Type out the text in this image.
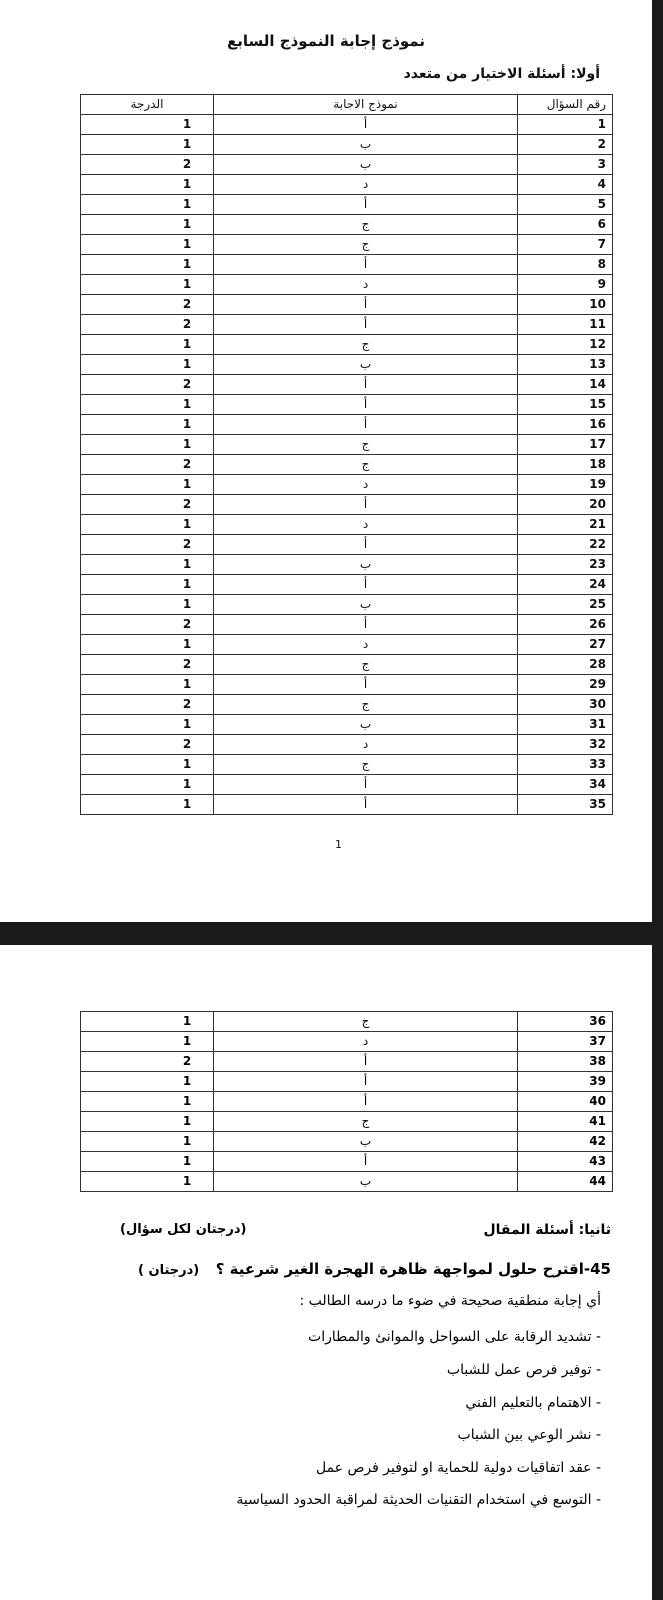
نموذج إجابة النموذج السابع
أولا: أسئلة الاختيار من متعدد
رقم السؤال	نموذج الاجابة	الدرجة
1	أ	1
2	ب	1
3	ب	2
4	د	1
5	أ	1
6	ج	1
7	ج	1
8	أ	1
9	د	1
10	أ	2
11	أ	2
12	ج	1
13	ب	1
14	أ	2
15	أ	1
16	أ	1
17	ج	1
18	ج	2
19	د	1
20	أ	2
21	د	1
22	أ	2
23	ب	1
24	أ	1
25	ب	1
26	أ	2
27	د	1
28	ج	2
29	أ	1
30	ج	2
31	ب	1
32	د	2
33	ج	1
34	أ	1
35	أ	1
1
36	ج	1
37	د	1
38	أ	2
39	أ	1
40	أ	1
41	ج	1
42	ب	1
43	أ	1
44	ب	1
ثانيا: أسئلة المقال
(درجتان لكل سؤال)
45-اقترح حلول لمواجهة ظاهرة الهجرة الغير شرعية ؟
(درجتان )
أي إجابة منطقية صحيحة في ضوء ما درسه الطالب :
- تشديد الرقابة على السواحل والموانئ والمطارات
- توفير فرص عمل للشباب
- الاهتمام بالتعليم الفني
- نشر الوعي بين الشباب
- عقد اتفاقيات دولية للحماية او لتوفير فرص عمل
- التوسع في استخدام التقنيات الحديثة لمراقبة الحدود السياسية
